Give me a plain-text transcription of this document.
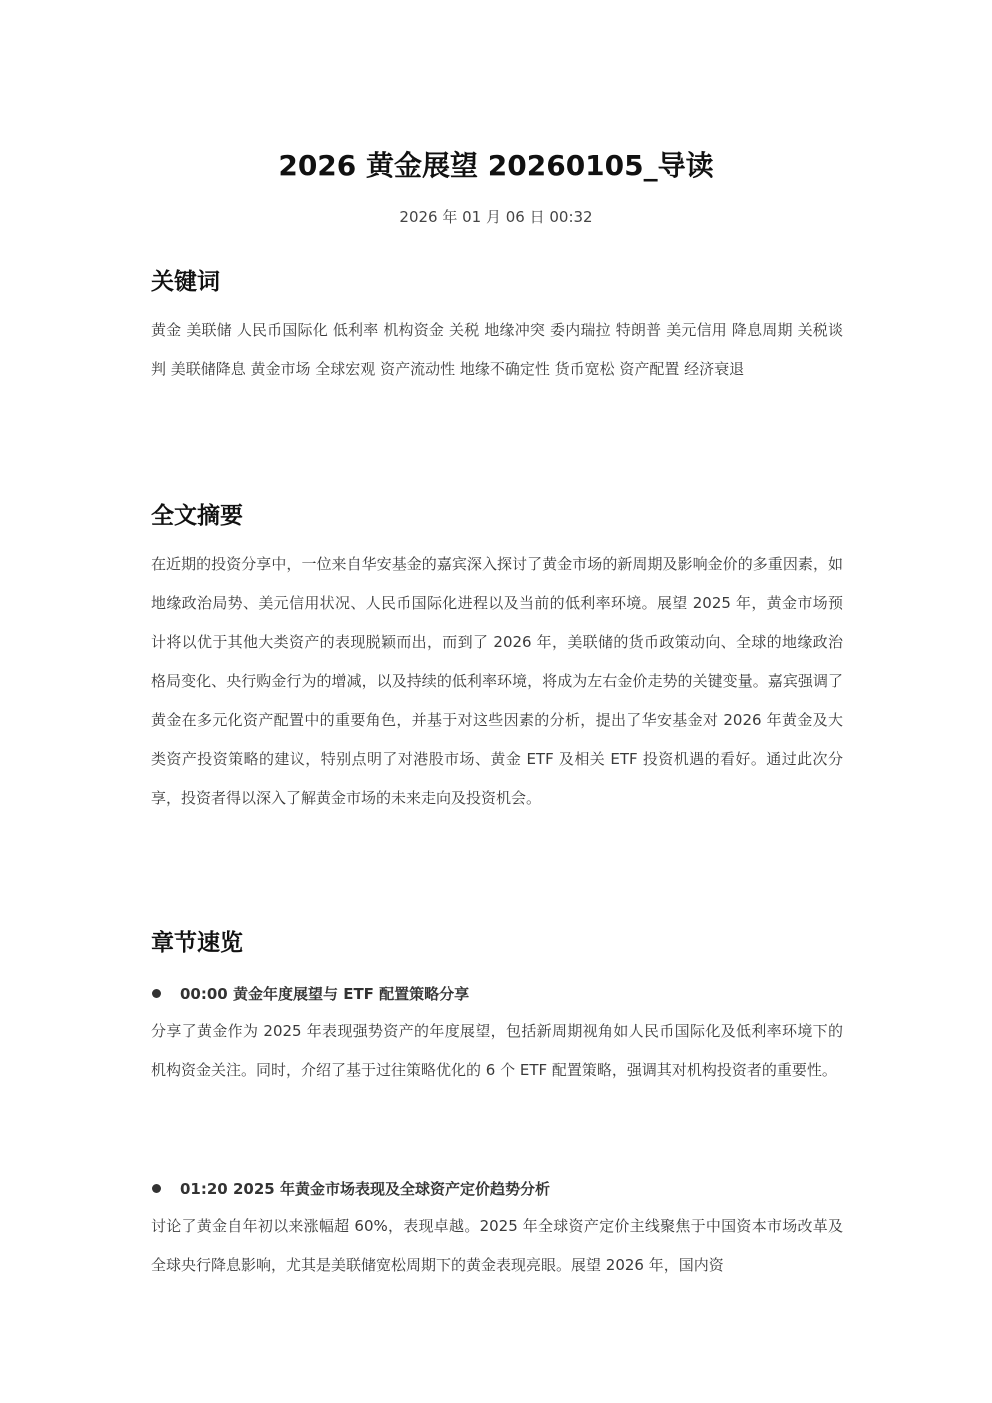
2026 黄金展望 20260105_导读
2026 年 01 月 06 日 00:32
关键词

黄金 美联储 人民币国际化 低利率 机构资金 关税 地缘冲突 委内瑞拉 特朗普 美元信用 降息周期 关税谈判 美联储降息 黄金市场 全球宏观 资产流动性 地缘不确定性 货币宽松 资产配置 经济衰退

全文摘要

在近期的投资分享中，一位来自华安基金的嘉宾深入探讨了黄金市场的新周期及影响金价的多重因素，如地缘政治局势、美元信用状况、人民币国际化进程以及当前的低利率环境。展望 2025 年，黄金市场预计将以优于其他大类资产的表现脱颖而出，而到了 2026 年，美联储的货币政策动向、全球的地缘政治格局变化、央行购金行为的增减，以及持续的低利率环境，将成为左右金价走势的关键变量。嘉宾强调了黄金在多元化资产配置中的重要角色，并基于对这些因素的分析，提出了华安基金对 2026 年黄金及大类资产投资策略的建议，特别点明了对港股市场、黄金 ETF 及相关 ETF 投资机遇的看好。通过此次分享，投资者得以深入了解黄金市场的未来走向及投资机会。

章节速览
00:00 黄金年度展望与 ETF 配置策略分享

分享了黄金作为 2025 年表现强势资产的年度展望，包括新周期视角如人民币国际化及低利率环境下的机构资金关注。同时，介绍了基于过往策略优化的 6 个 ETF 配置策略，强调其对机构投资者的重要性。

01:20 2025 年黄金市场表现及全球资产定价趋势分析

讨论了黄金自年初以来涨幅超 60%，表现卓越。2025 年全球资产定价主线聚焦于中国资本市场改革及全球央行降息影响，尤其是美联储宽松周期下的黄金表现亮眼。展望 2026 年，国内资
